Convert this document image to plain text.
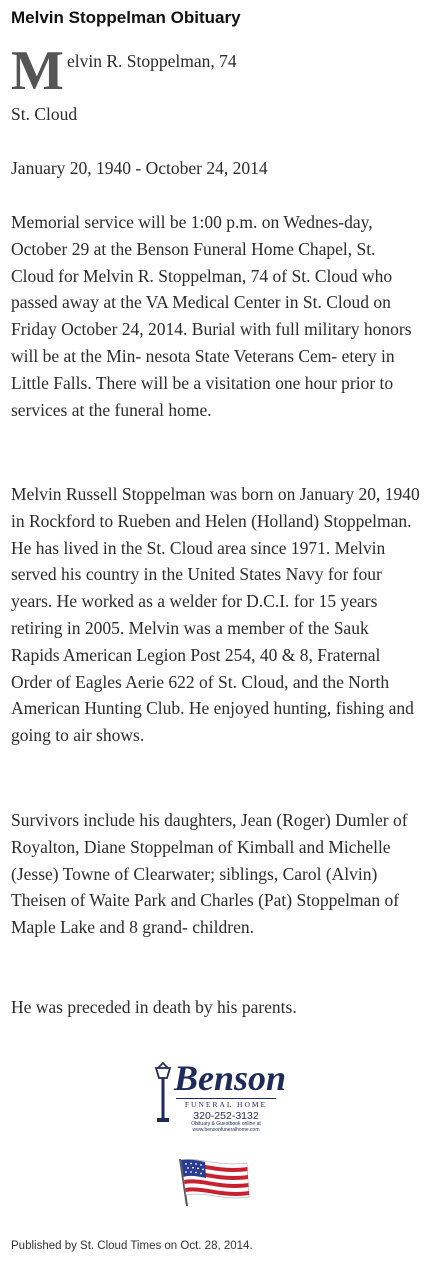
Melvin Stoppelman Obituary
M elvin R. Stoppelman, 74

St. Cloud

January 20, 1940 - October 24, 2014

Memorial service will be 1:00 p.m. on Wednes-day, October 29 at the Benson Funeral Home Chapel, St. Cloud for Melvin R. Stoppelman, 74 of St. Cloud who passed away at the VA Medical Center in St. Cloud on Friday October 24, 2014. Burial with full military honors will be at the Min- nesota State Veterans Cem- etery in Little Falls. There will be a visitation one hour prior to services at the funeral home.

Melvin Russell Stoppelman was born on January 20, 1940 in Rockford to Rueben and Helen (Holland) Stoppelman. He has lived in the St. Cloud area since 1971. Melvin served his country in the United States Navy for four years. He worked as a welder for D.C.I. for 15 years retiring in 2005. Melvin was a member of the Sauk Rapids American Legion Post 254, 40 & 8, Fraternal Order of Eagles Aerie 622 of St. Cloud, and the North American Hunting Club. He enjoyed hunting, fishing and going to air shows.

Survivors include his daughters, Jean (Roger) Dumler of Royalton, Diane Stoppelman of Kimball and Michelle (Jesse) Towne of Clearwater; siblings, Carol (Alvin) Theisen of Waite Park and Charles (Pat) Stoppelman of Maple Lake and 8 grand- children.

He was preceded in death by his parents.

Benson
FUNERAL HOME
320-252-3132
Obituary & Guestbook online at
www.bensonfuneralhome.com
Published by St. Cloud Times on Oct. 28, 2014.
